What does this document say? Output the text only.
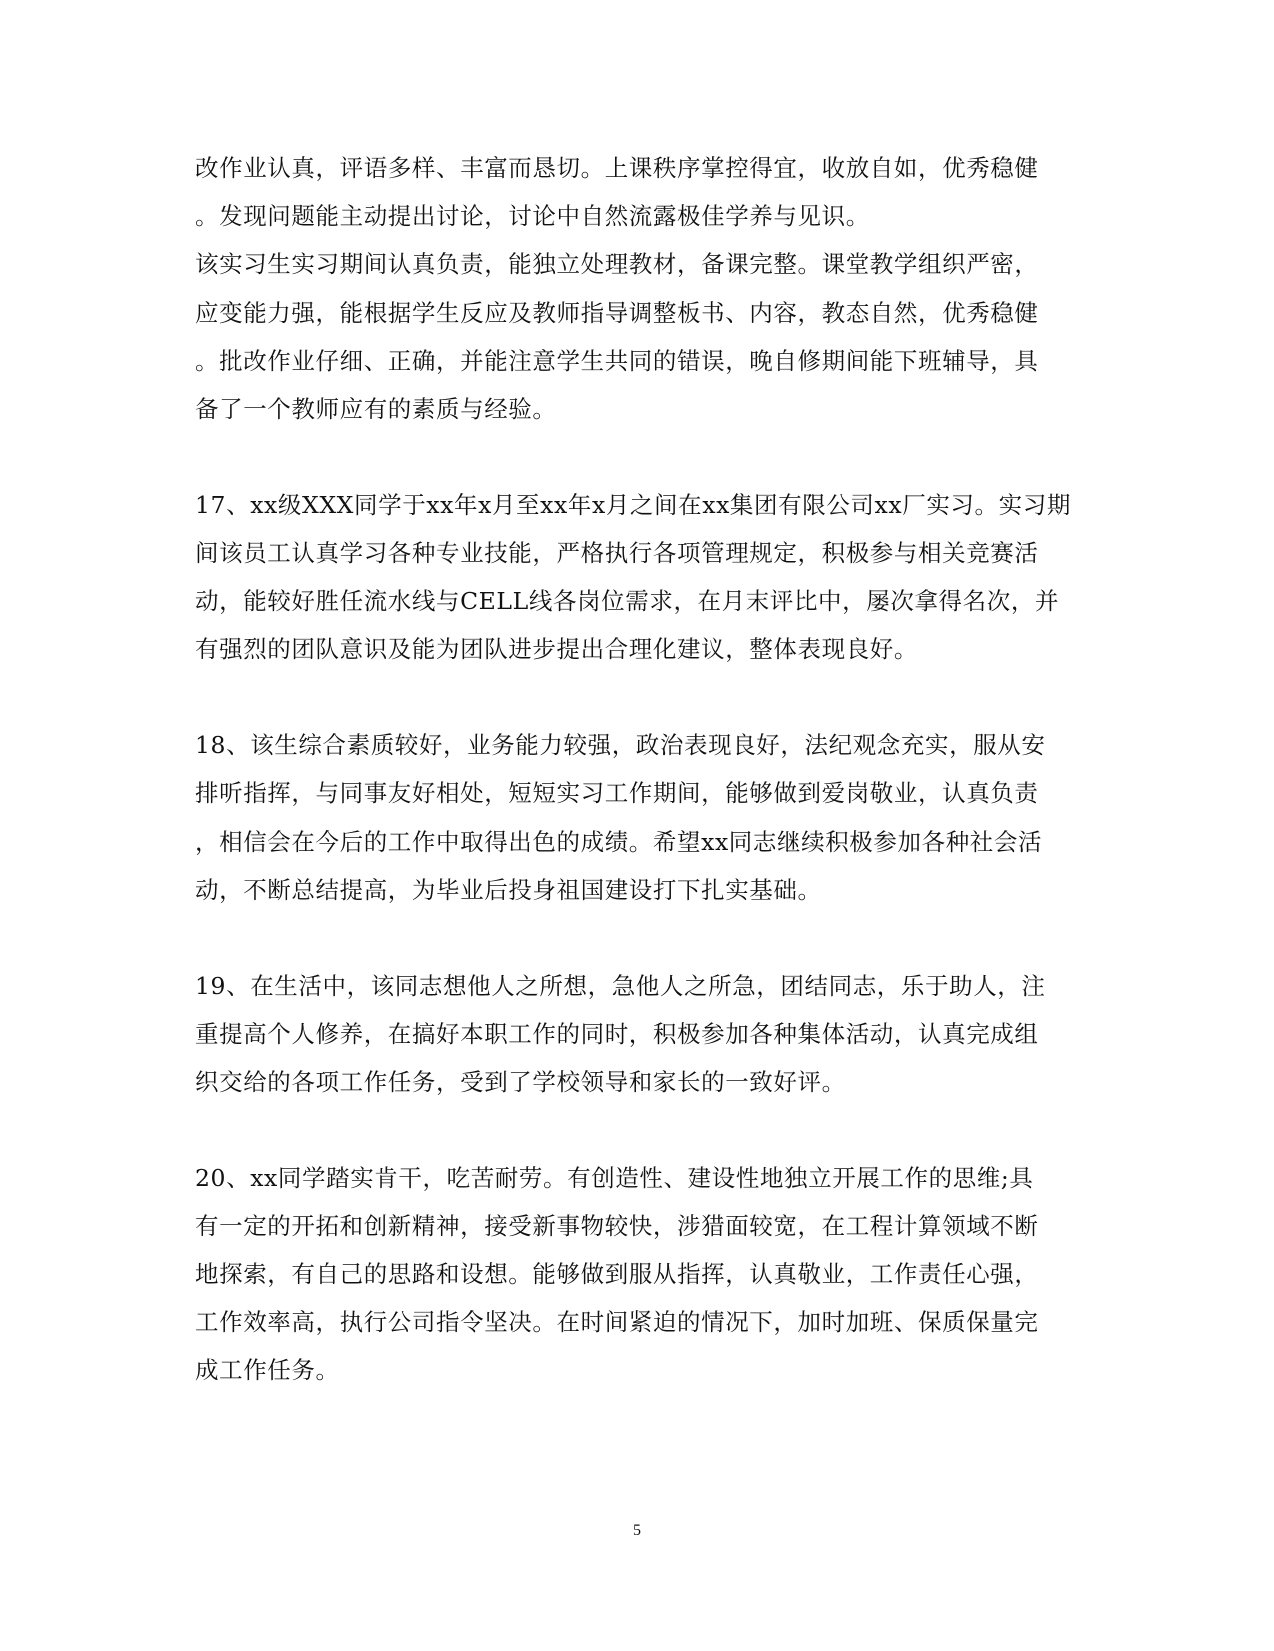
改作业认真，评语多样、丰富而恳切。上课秩序掌控得宜，收放自如，优秀稳健
。发现问题能主动提出讨论，讨论中自然流露极佳学养与见识。
该实习生实习期间认真负责，能独立处理教材，备课完整。课堂教学组织严密，
应变能力强，能根据学生反应及教师指导调整板书、内容，教态自然，优秀稳健
。批改作业仔细、正确，并能注意学生共同的错误，晚自修期间能下班辅导，具
备了一个教师应有的素质与经验。
17、xx级XXX同学于xx年x月至xx年x月之间在xx集团有限公司xx厂实习。实习期
间该员工认真学习各种专业技能，严格执行各项管理规定，积极参与相关竞赛活
动，能较好胜任流水线与CELL线各岗位需求，在月末评比中，屡次拿得名次，并
有强烈的团队意识及能为团队进步提出合理化建议，整体表现良好。
18、该生综合素质较好，业务能力较强，政治表现良好，法纪观念充实，服从安
排听指挥，与同事友好相处，短短实习工作期间，能够做到爱岗敬业，认真负责
，相信会在今后的工作中取得出色的成绩。希望xx同志继续积极参加各种社会活
动，不断总结提高，为毕业后投身祖国建设打下扎实基础。
19、在生活中，该同志想他人之所想，急他人之所急，团结同志，乐于助人，注
重提高个人修养，在搞好本职工作的同时，积极参加各种集体活动，认真完成组
织交给的各项工作任务，受到了学校领导和家长的一致好评。
20、xx同学踏实肯干，吃苦耐劳。有创造性、建设性地独立开展工作的思维;具
有一定的开拓和创新精神，接受新事物较快，涉猎面较宽，在工程计算领域不断
地探索，有自己的思路和设想。能够做到服从指挥，认真敬业，工作责任心强，
工作效率高，执行公司指令坚决。在时间紧迫的情况下，加时加班、保质保量完
成工作任务。
5
